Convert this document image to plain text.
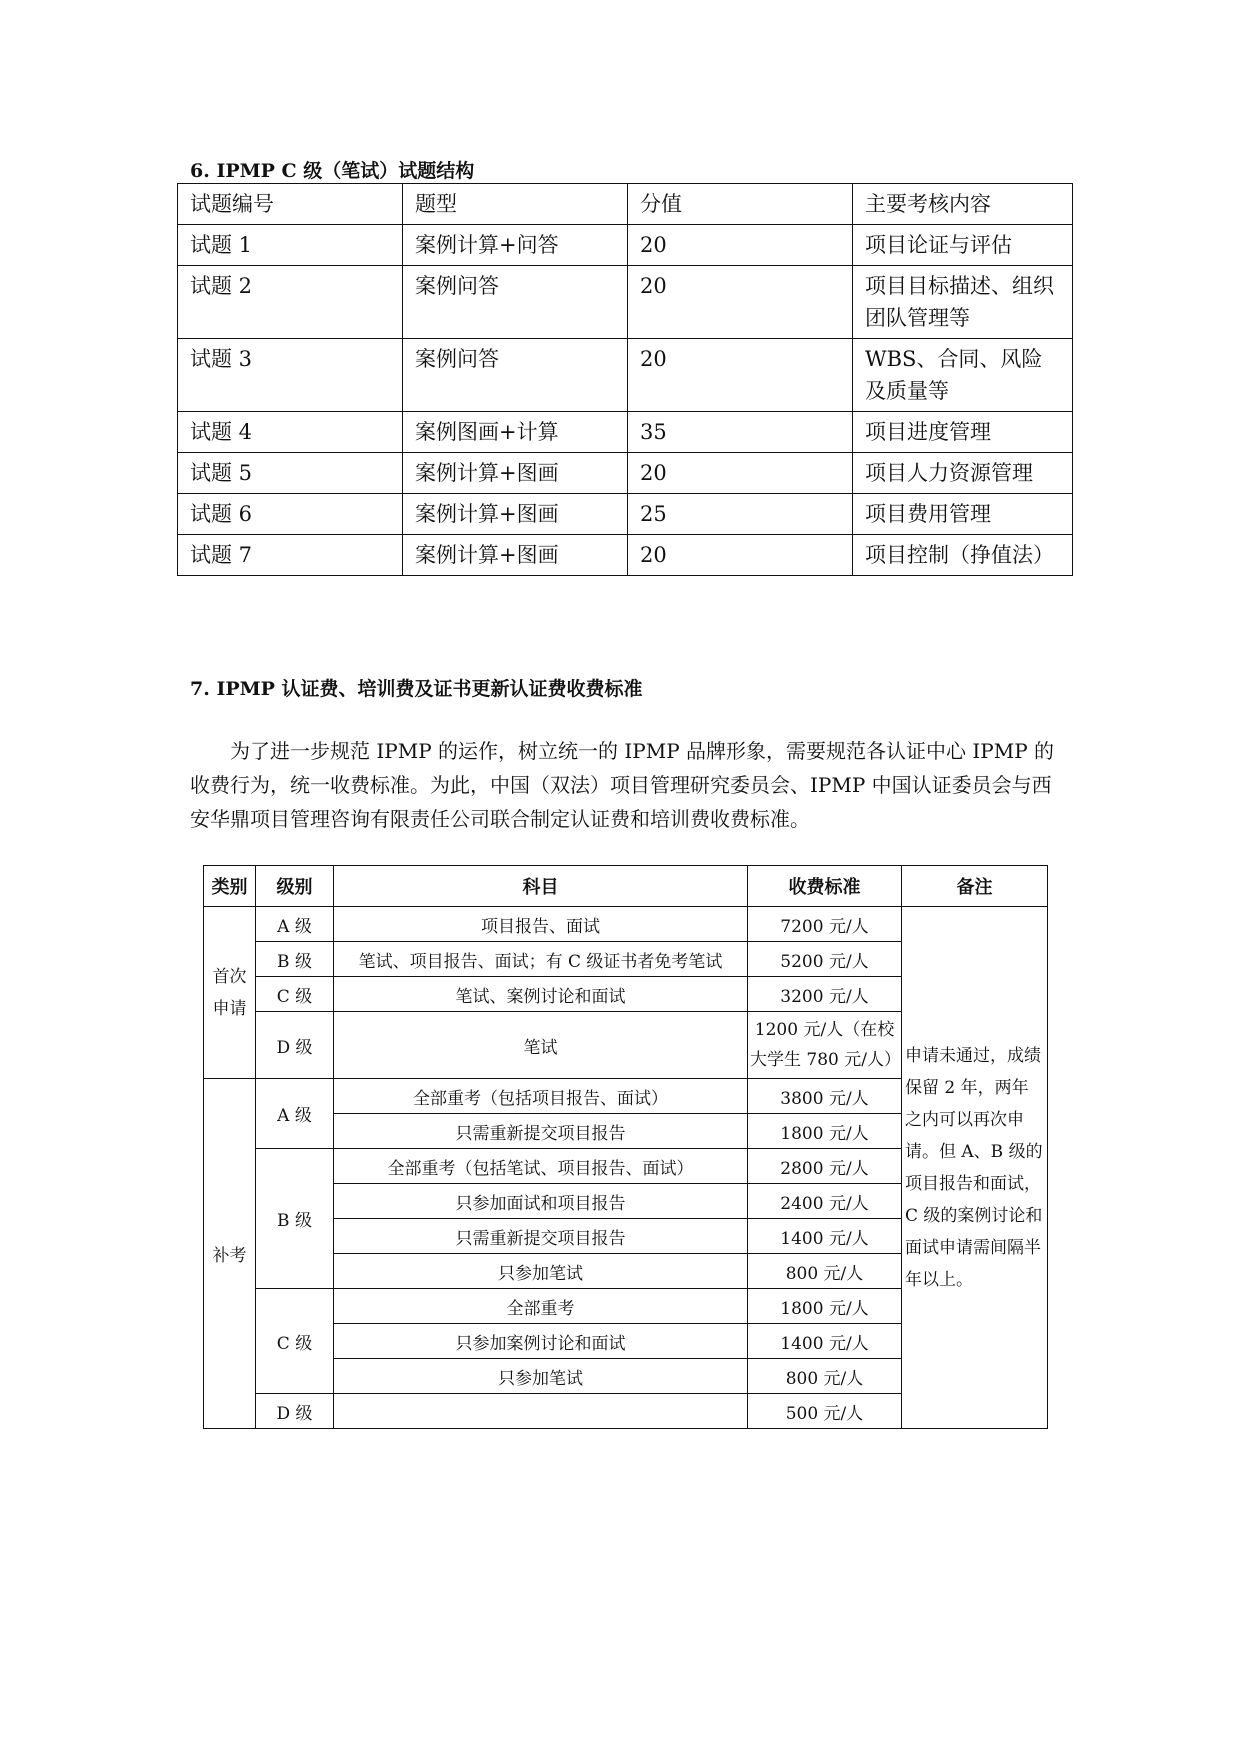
6. IPMP C 级（笔试）试题结构
试题编号	题型	分值	主要考核内容
试题 1	案例计算+问答	20	项目论证与评估
试题 2	案例问答	20	项目目标描述、组织团队管理等
试题 3	案例问答	20	WBS、合同、风险及质量等
试题 4	案例图画+计算	35	项目进度管理
试题 5	案例计算+图画	20	项目人力资源管理
试题 6	案例计算+图画	25	项目费用管理
试题 7	案例计算+图画	20	项目控制（挣值法）
7. IPMP 认证费、培训费及证书更新认证费收费标准

为了进一步规范 IPMP 的运作，树立统一的 IPMP 品牌形象，需要规范各认证中心 IPMP 的收费行为，统一收费标准。为此，中国（双法）项目管理研究委员会、IPMP 中国认证委员会与西安华鼎项目管理咨询有限责任公司联合制定认证费和培训费收费标准。

类别	级别	科目	收费标准	备注
首次申请	A 级	项目报告、面试	7200 元/人	申请未通过，成绩保留 2 年，两年之内可以再次申请。但 A、B 级的项目报告和面试，C 级的案例讨论和面试申请需间隔半年以上。
	B 级	笔试、项目报告、面试；有 C 级证书者免考笔试	5200 元/人	
	C 级	笔试、案例讨论和面试	3200 元/人	
	D 级	笔试	1200 元/人（在校大学生 780 元/人）	
补考	A 级	全部重考（包括项目报告、面试）	3800 元/人	
		只需重新提交项目报告	1800 元/人	
	B 级	全部重考（包括笔试、项目报告、面试）	2800 元/人	
		只参加面试和项目报告	2400 元/人	
		只需重新提交项目报告	1400 元/人	
		只参加笔试	800 元/人	
	C 级	全部重考	1800 元/人	
		只参加案例讨论和面试	1400 元/人	
		只参加笔试	800 元/人	
	D 级		500 元/人	
